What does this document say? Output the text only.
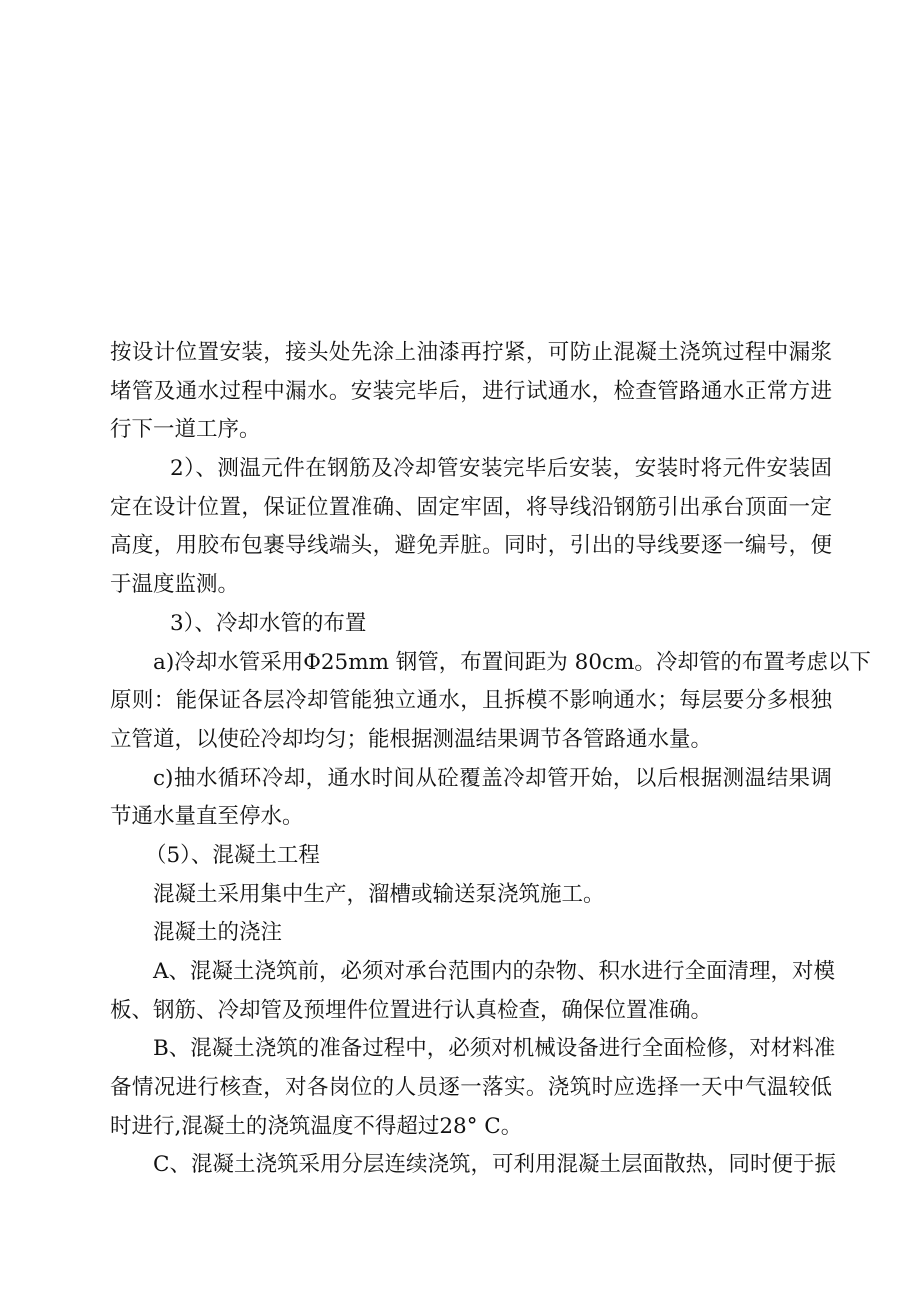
按设计位置安装，接头处先涂上油漆再拧紧，可防止混凝土浇筑过程中漏浆
堵管及通水过程中漏水。安装完毕后，进行试通水，检查管路通水正常方进
行下一道工序。
2）、测温元件在钢筋及冷却管安装完毕后安装，安装时将元件安装固
定在设计位置，保证位置准确、固定牢固，将导线沿钢筋引出承台顶面一定
高度，用胶布包裹导线端头，避免弄脏。同时，引出的导线要逐一编号，便
于温度监测。
3）、冷却水管的布置
a)冷却水管采用Φ25mm 钢管，布置间距为 80cm。冷却管的布置考虑以下
原则：能保证各层冷却管能独立通水，且拆模不影响通水；每层要分多根独
立管道，以使砼冷却均匀；能根据测温结果调节各管路通水量。
c)抽水循环冷却，通水时间从砼覆盖冷却管开始，以后根据测温结果调
节通水量直至停水。
（5）、混凝土工程
混凝土采用集中生产，溜槽或输送泵浇筑施工。
混凝土的浇注
A、混凝土浇筑前，必须对承台范围内的杂物、积水进行全面清理，对模
板、钢筋、冷却管及预埋件位置进行认真检查，确保位置准确。
B、混凝土浇筑的准备过程中，必须对机械设备进行全面检修，对材料准
备情况进行核查，对各岗位的人员逐一落实。浇筑时应选择一天中气温较低
时进行,混凝土的浇筑温度不得超过28° C。
C、混凝土浇筑采用分层连续浇筑，可利用混凝土层面散热，同时便于振
